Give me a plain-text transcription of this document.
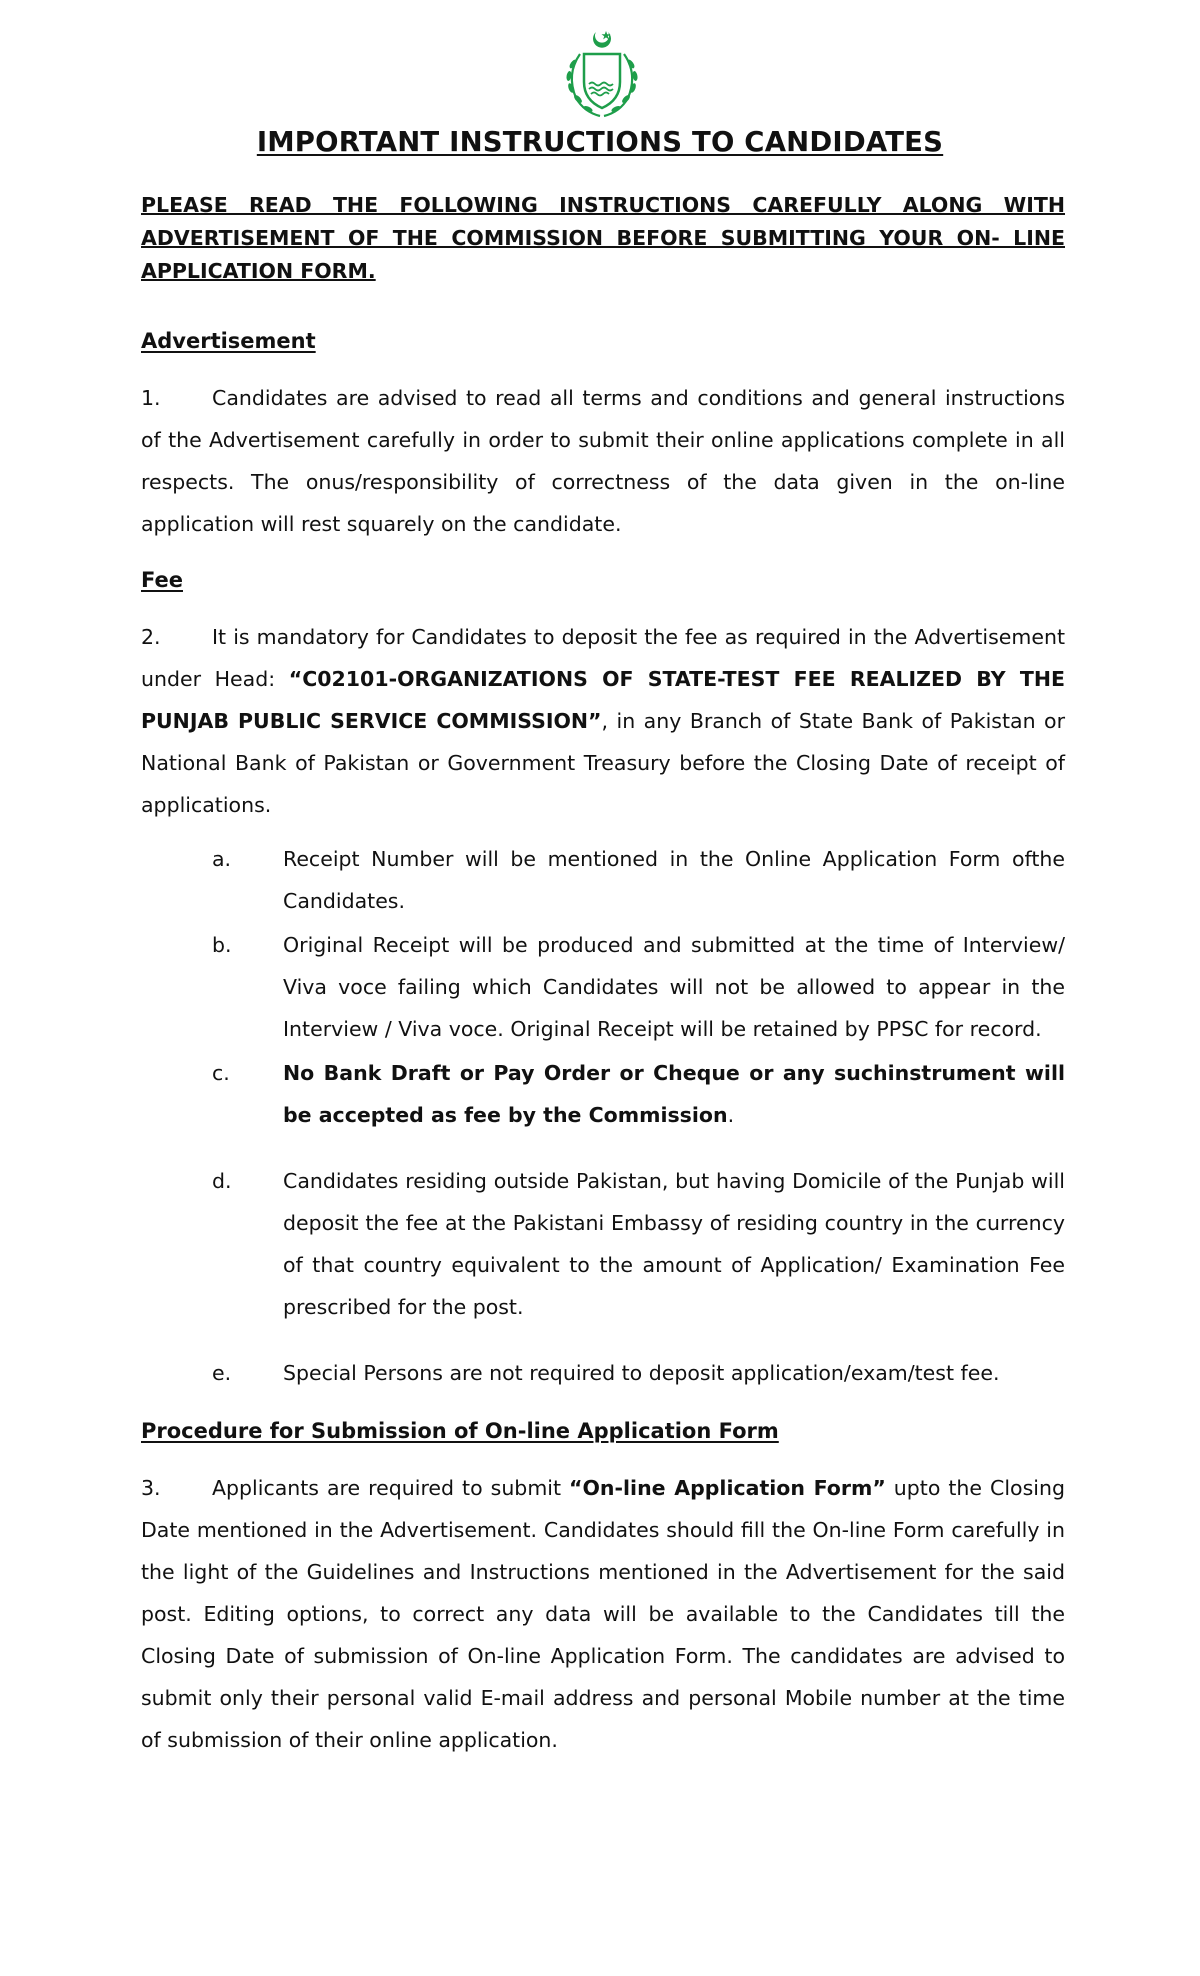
IMPORTANT INSTRUCTIONS TO CANDIDATES
PLEASE READ THE FOLLOWING INSTRUCTIONS CAREFULLY ALONG WITH ADVERTISEMENT OF THE COMMISSION BEFORE SUBMITTING YOUR ON- LINE APPLICATION FORM.
Advertisement

1.	Candidates are advised to read all terms and conditions and general instructions of the Advertisement carefully in order to submit their online applications complete in all respects. The onus/responsibility of correctness of the data given in the on-line application will rest squarely on the candidate.

Fee

2.	It is mandatory for Candidates to deposit the fee as required in the Advertisement under Head: “C02101-ORGANIZATIONS OF STATE-TEST FEE REALIZED BY THE PUNJAB PUBLIC SERVICE COMMISSION”, in any Branch of State Bank of Pakistan or National Bank of Pakistan or Government Treasury before the Closing Date of receipt of applications.

a.	Receipt Number will be mentioned in the Online Application Form ofthe Candidates.
b.	Original Receipt will be produced and submitted at the time of Interview/ Viva voce failing which Candidates will not be allowed to appear in the Interview / Viva voce. Original Receipt will be retained by PPSC for record.
c.	No Bank Draft or Pay Order or Cheque or any suchinstrument will be accepted as fee by the Commission.
d.	Candidates residing outside Pakistan, but having Domicile of the Punjab will deposit the fee at the Pakistani Embassy of residing country in the currency of that country equivalent to the amount of Application/ Examination Fee prescribed for the post.
e.	Special Persons are not required to deposit application/exam/test fee.
Procedure for Submission of On-line Application Form

3.	Applicants are required to submit “On-line Application Form” upto the Closing Date mentioned in the Advertisement. Candidates should fill the On-line Form carefully in the light of the Guidelines and Instructions mentioned in the Advertisement for the said post. Editing options, to correct any data will be available to the Candidates till the Closing Date of submission of On-line Application Form. The candidates are advised to submit only their personal valid E-mail address and personal Mobile number at the time of submission of their online application.
